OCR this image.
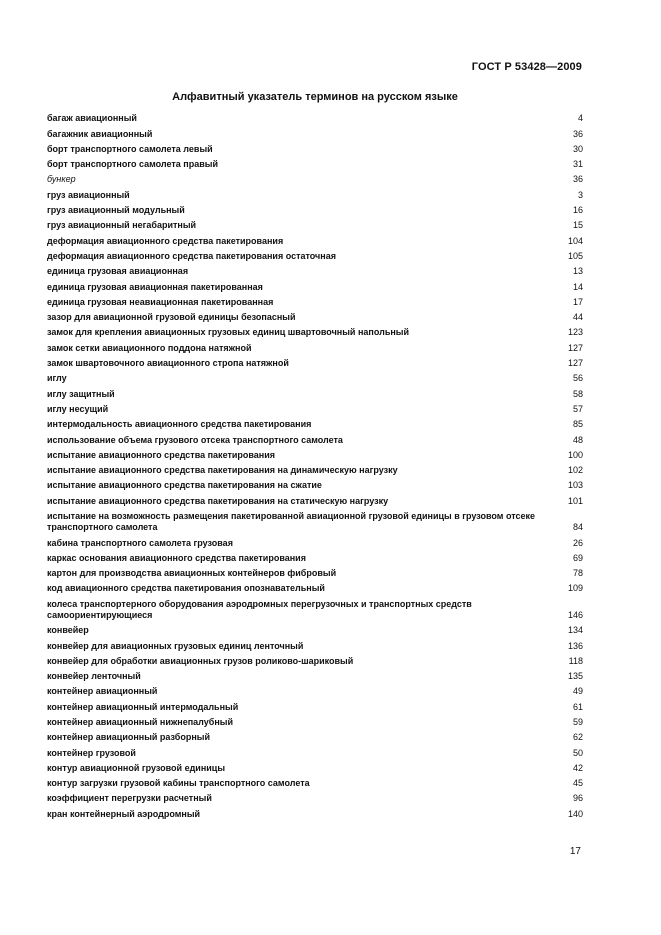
ГОСТ Р 53428—2009
Алфавитный указатель терминов на русском языке
багаж авиационный	4
багажник авиационный	36
борт транспортного самолета левый	30
борт транспортного самолета правый	31
бункер	36
груз авиационный	3
груз авиационный модульный	16
груз авиационный негабаритный	15
деформация авиационного средства пакетирования	104
деформация авиационного средства пакетирования остаточная	105
единица грузовая авиационная	13
единица грузовая авиационная пакетированная	14
единица грузовая неавиационная пакетированная	17
зазор для авиационной грузовой единицы безопасный	44
замок для крепления авиационных грузовых единиц швартовочный напольный	123
замок сетки авиационного поддона натяжной	127
замок швартовочного авиационного стропа натяжной	127
иглу	56
иглу защитный	58
иглу несущий	57
интермодальность авиационного средства пакетирования	85
использование объема грузового отсека транспортного самолета	48
испытание авиационного средства пакетирования	100
испытание авиационного средства пакетирования на динамическую нагрузку	102
испытание авиационного средства пакетирования на сжатие	103
испытание авиационного средства пакетирования на статическую нагрузку	101
испытание на возможность размещения пакетированной авиационной грузовой единицы в грузовом отсеке транспортного самолета	84
кабина транспортного самолета грузовая	26
каркас основания авиационного средства пакетирования	69
картон для производства авиационных контейнеров фибровый	78
код авиационного средства пакетирования опознавательный	109
колеса транспортерного оборудования аэродромных перегрузочных и транспортных средств самоориентирующиеся	146
конвейер	134
конвейер для авиационных грузовых единиц ленточный	136
конвейер для обработки авиационных грузов роликово-шариковый	118
конвейер ленточный	135
контейнер авиационный	49
контейнер авиационный интермодальный	61
контейнер авиационный нижнепалубный	59
контейнер авиационный разборный	62
контейнер грузовой	50
контур авиационной грузовой единицы	42
контур загрузки грузовой кабины транспортного самолета	45
коэффициент перегрузки расчетный	96
кран контейнерный аэродромный	140
17
